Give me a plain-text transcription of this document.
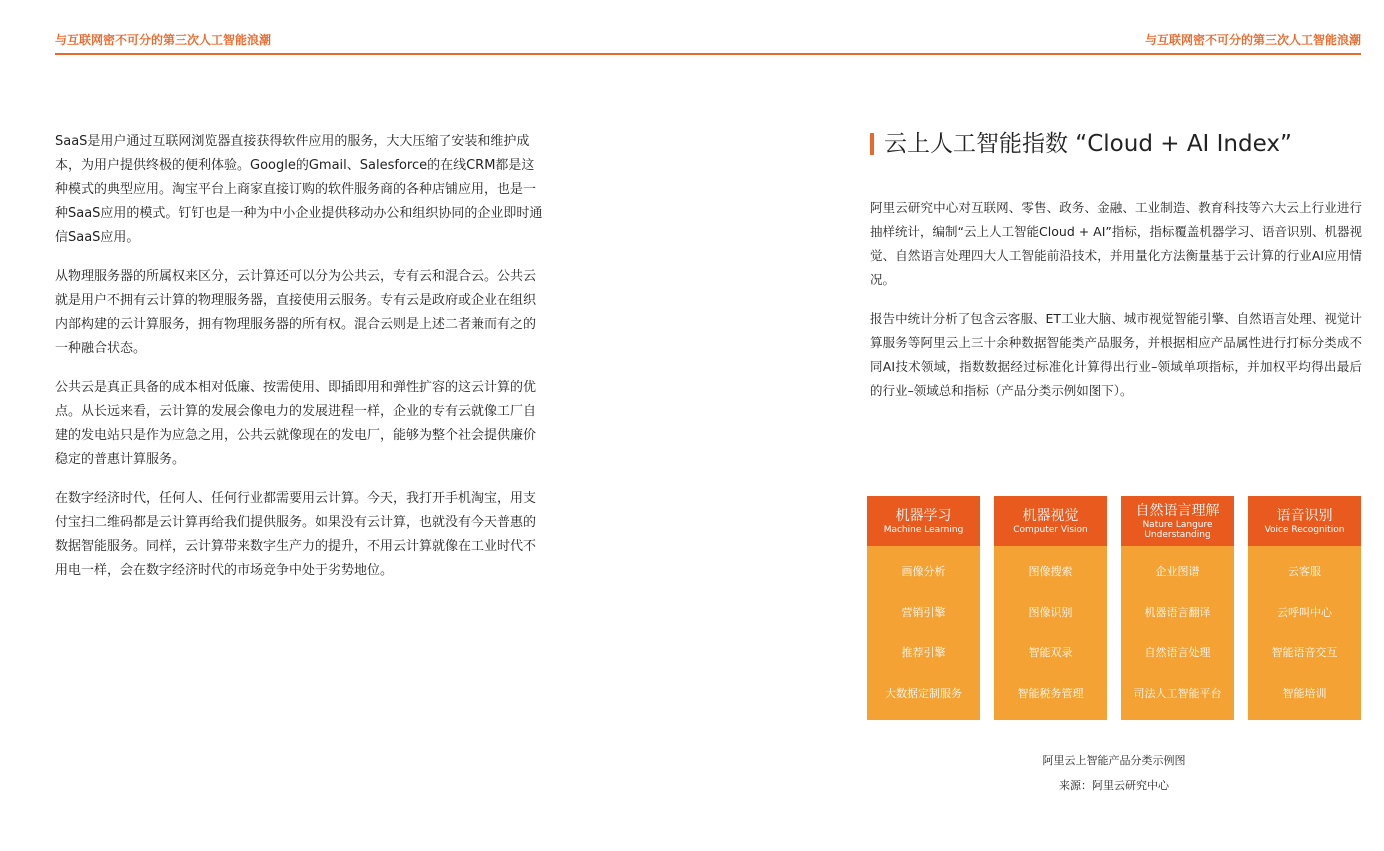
与互联网密不可分的第三次人工智能浪潮	与互联网密不可分的第三次人工智能浪潮

SaaS是用户通过互联网浏览器直接获得软件应用的服务，大大压缩了安装和维护成本，为用户提供终极的便利体验。Google的Gmail、Salesforce的在线CRM都是这种模式的典型应用。淘宝平台上商家直接订购的软件服务商的各种店铺应用，也是一种SaaS应用的模式。钉钉也是一种为中小企业提供移动办公和组织协同的企业即时通信SaaS应用。

从物理服务器的所属权来区分，云计算还可以分为公共云，专有云和混合云。公共云就是用户不拥有云计算的物理服务器，直接使用云服务。专有云是政府或企业在组织内部构建的云计算服务，拥有物理服务器的所有权。混合云则是上述二者兼而有之的一种融合状态。

公共云是真正具备的成本相对低廉、按需使用、即插即用和弹性扩容的这云计算的优点。从长远来看，云计算的发展会像电力的发展进程一样，企业的专有云就像工厂自建的发电站只是作为应急之用，公共云就像现在的发电厂，能够为整个社会提供廉价稳定的普惠计算服务。

在数字经济时代，任何人、任何行业都需要用云计算。今天，我打开手机淘宝，用支付宝扫二维码都是云计算再给我们提供服务。如果没有云计算，也就没有今天普惠的数据智能服务。同样，云计算带来数字生产力的提升，不用云计算就像在工业时代不用电一样，会在数字经济时代的市场竞争中处于劣势地位。

云上人工智能指数 “Cloud + AI Index”

阿里云研究中心对互联网、零售、政务、金融、工业制造、教育科技等六大云上行业进行抽样统计，编制“云上人工智能Cloud + AI”指标，指标覆盖机器学习、语音识别、机器视觉、自然语言处理四大人工智能前沿技术，并用量化方法衡量基于云计算的行业AI应用情况。

报告中统计分析了包含云客服、ET工业大脑、城市视觉智能引擎、自然语言处理、视觉计算服务等阿里云上三十余种数据智能类产品服务，并根据相应产品属性进行打标分类成不同AI技术领域，指数数据经过标准化计算得出行业–领域单项指标，并加权平均得出最后的行业–领域总和指标（产品分类示例如图下）。

机器学习
Machine Learning
画像分析
营销引擎
推荐引擎
大数据定制服务
机器视觉
Computer Vision
图像搜索
图像识别
智能双录
智能税务管理
自然语言理解
Nature Langure Understanding
企业图谱
机器语言翻译
自然语言处理
司法人工智能平台
语音识别
Voice Recognition
云客服
云呼叫中心
智能语音交互
智能培训
阿里云上智能产品分类示例图
来源：阿里云研究中心
